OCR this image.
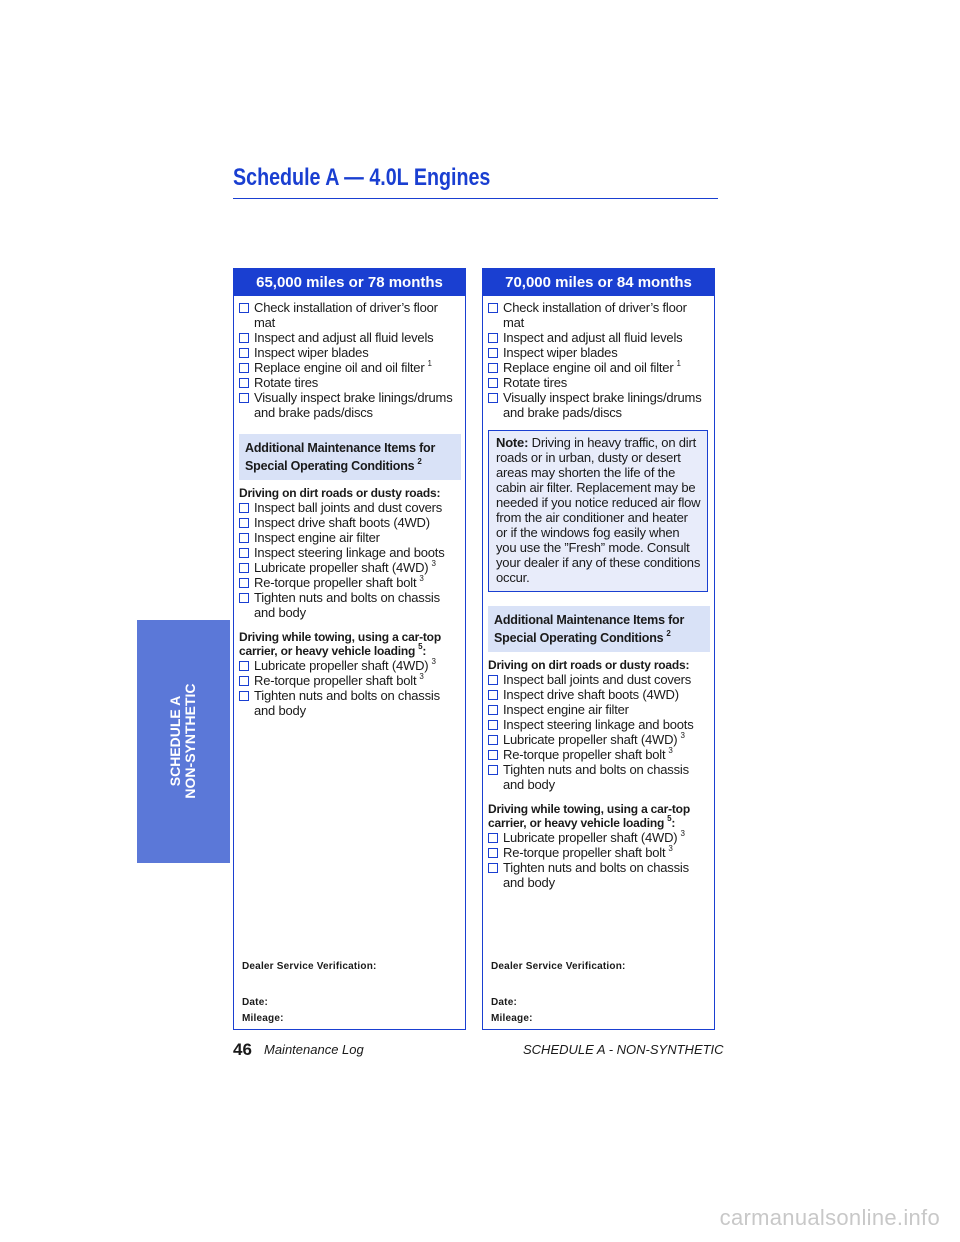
Schedule A — 4.0L Engines
SCHEDULE A NON-SYNTHETIC
65,000 miles or 78 months
Check installation of driver’s floor mat
Inspect and adjust all fluid levels
Inspect wiper blades
Replace engine oil and oil filter $^1$
Rotate tires
Visually inspect brake linings/drums and brake pads/discs
Additional Maintenance Items for
Special Operating Conditions $^2$
Driving on dirt roads or dusty roads:
Inspect ball joints and dust covers
Inspect drive shaft boots (4WD)
Inspect engine air filter
Inspect steering linkage and boots
Lubricate propeller shaft (4WD) $^3$
Re-torque propeller shaft bolt $^3$
Tighten nuts and bolts on chassis and body
Driving while towing, using a car-top carrier, or heavy vehicle loading $^5$:
Lubricate propeller shaft (4WD) $^3$
Re-torque propeller shaft bolt $^3$
Tighten nuts and bolts on chassis and body
Dealer Service Verification:
Date:
Mileage:
70,000 miles or 84 months
Check installation of driver’s floor mat
Inspect and adjust all fluid levels
Inspect wiper blades
Replace engine oil and oil filter $^1$
Rotate tires
Visually inspect brake linings/drums and brake pads/discs
Note: Driving in heavy traffic, on dirt roads or in urban, dusty or desert areas may shorten the life of the cabin air filter. Replacement may be needed if you notice reduced air flow from the air conditioner and heater or if the windows fog easily when you use the ”Fresh” mode. Consult your dealer if any of these conditions occur.
Additional Maintenance Items for
Special Operating Conditions $^2$
Driving on dirt roads or dusty roads:
Inspect ball joints and dust covers
Inspect drive shaft boots (4WD)
Inspect engine air filter
Inspect steering linkage and boots
Lubricate propeller shaft (4WD) $^3$
Re-torque propeller shaft bolt $^3$
Tighten nuts and bolts on chassis and body
Driving while towing, using a car-top carrier, or heavy vehicle loading $^5$:
Lubricate propeller shaft (4WD) $^3$
Re-torque propeller shaft bolt $^3$
Tighten nuts and bolts on chassis and body
Dealer Service Verification:
Date:
Mileage:
46 Maintenance Log	SCHEDULE A - NON-SYNTHETIC
carmanualsonline.info
